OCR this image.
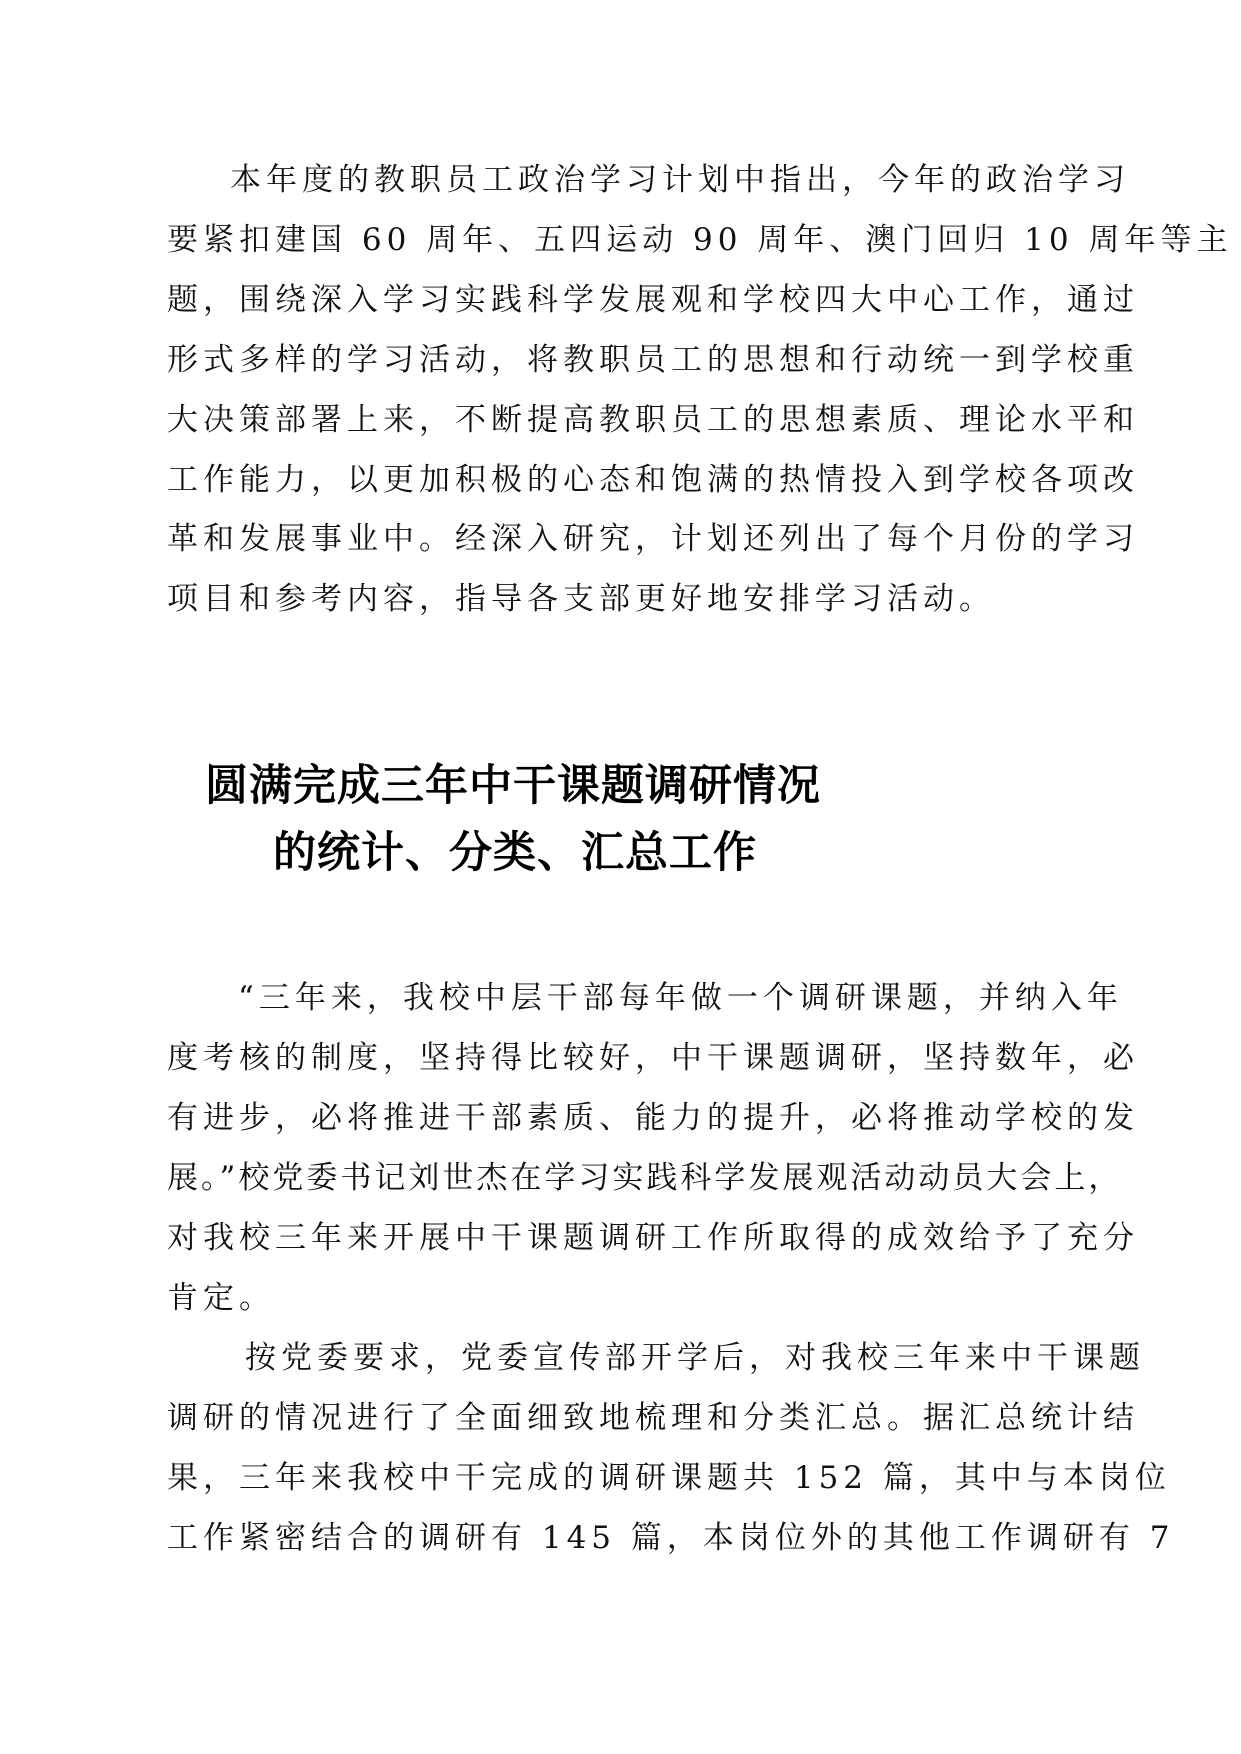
本年度的教职员工政治学习计划中指出，今年的政治学习
要紧扣建国 60 周年、五四运动 90 周年、澳门回归 10 周年等主
题，围绕深入学习实践科学发展观和学校四大中心工作，通过
形式多样的学习活动，将教职员工的思想和行动统一到学校重
大决策部署上来，不断提高教职员工的思想素质、理论水平和
工作能力，以更加积极的心态和饱满的热情投入到学校各项改
革和发展事业中。经深入研究，计划还列出了每个月份的学习
项目和参考内容，指导各支部更好地安排学习活动。
圆满完成三年中干课题调研情况
的统计、分类、汇总工作
“三年来，我校中层干部每年做一个调研课题，并纳入年
度考核的制度，坚持得比较好，中干课题调研，坚持数年，必
有进步，必将推进干部素质、能力的提升，必将推动学校的发
展。”校党委书记刘世杰在学习实践科学发展观活动动员大会上，
对我校三年来开展中干课题调研工作所取得的成效给予了充分
肯定。
按党委要求，党委宣传部开学后，对我校三年来中干课题
调研的情况进行了全面细致地梳理和分类汇总。据汇总统计结
果，三年来我校中干完成的调研课题共 152 篇，其中与本岗位
工作紧密结合的调研有 145 篇，本岗位外的其他工作调研有 7
